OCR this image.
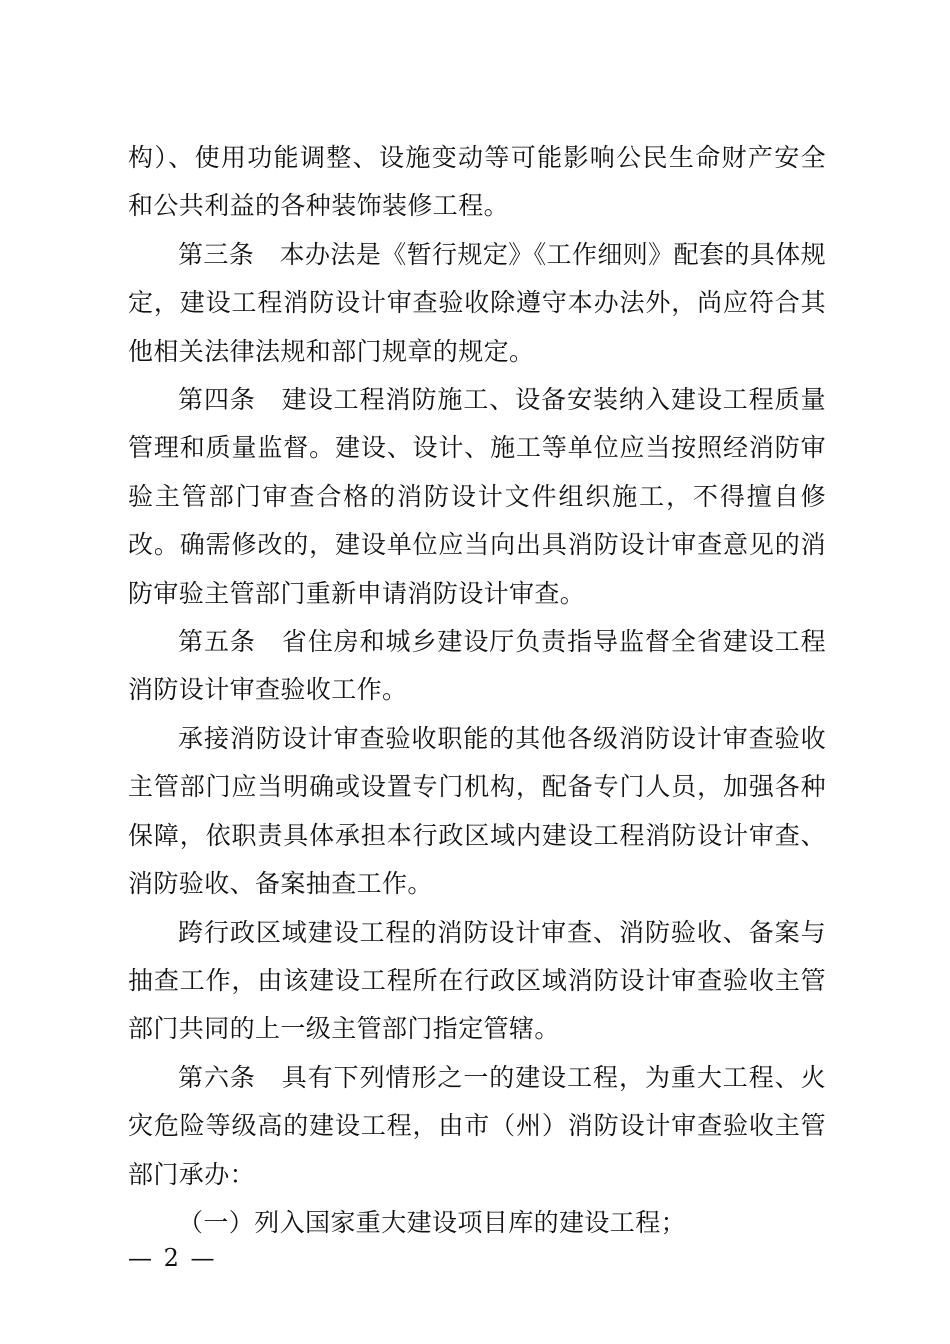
构）、使用功能调整、设施变动等可能影响公民生命财产安全和公共利益的各种装饰装修工程。

第三条　本办法是《暂行规定》《工作细则》配套的具体规定，建设工程消防设计审查验收除遵守本办法外，尚应符合其他相关法律法规和部门规章的规定。

第四条　建设工程消防施工、设备安装纳入建设工程质量管理和质量监督。建设、设计、施工等单位应当按照经消防审验主管部门审查合格的消防设计文件组织施工，不得擅自修改。确需修改的，建设单位应当向出具消防设计审查意见的消防审验主管部门重新申请消防设计审查。

第五条　省住房和城乡建设厅负责指导监督全省建设工程消防设计审查验收工作。

承接消防设计审查验收职能的其他各级消防设计审查验收主管部门应当明确或设置专门机构，配备专门人员，加强各种保障，依职责具体承担本行政区域内建设工程消防设计审查、消防验收、备案抽查工作。

跨行政区域建设工程的消防设计审查、消防验收、备案与抽查工作，由该建设工程所在行政区域消防设计审查验收主管部门共同的上一级主管部门指定管辖。

第六条　具有下列情形之一的建设工程，为重大工程、火灾危险等级高的建设工程，由市（州）消防设计审查验收主管部门承办：

（一）列入国家重大建设项目库的建设工程；

— 2 —
